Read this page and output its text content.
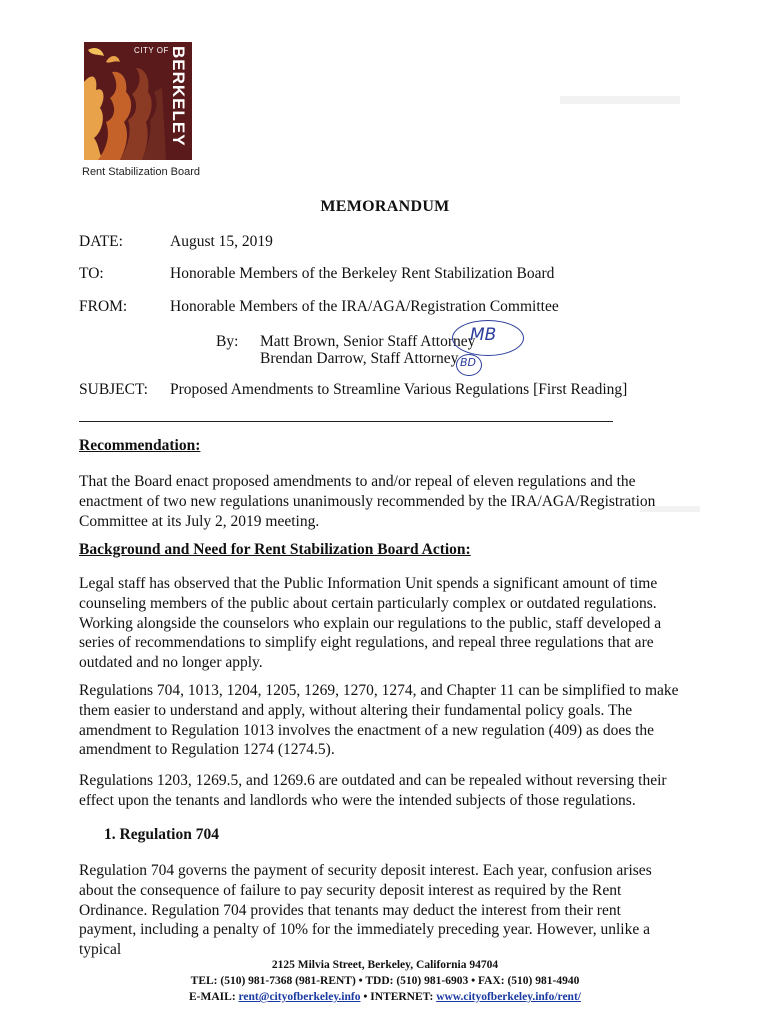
CITY OF BERKELEY
Rent Stabilization Board
MEMORANDUM
DATE:	August 15, 2019
TO:	Honorable Members of the Berkeley Rent Stabilization Board
FROM:	Honorable Members of the IRA/AGA/Registration Committee
By: Matt Brown, Senior Staff Attorney
Brendan Darrow, Staff Attorney
MB
BD
SUBJECT: Proposed Amendments to Streamline Various Regulations [First Reading]
Recommendation:
That the Board enact proposed amendments to and/or repeal of eleven regulations and the enactment of two new regulations unanimously recommended by the IRA/AGA/Registration Committee at its July 2, 2019 meeting.
Background and Need for Rent Stabilization Board Action:
Legal staff has observed that the Public Information Unit spends a significant amount of time counseling members of the public about certain particularly complex or outdated regulations. Working alongside the counselors who explain our regulations to the public, staff developed a series of recommendations to simplify eight regulations, and repeal three regulations that are outdated and no longer apply.
Regulations 704, 1013, 1204, 1205, 1269, 1270, 1274, and Chapter 11 can be simplified to make them easier to understand and apply, without altering their fundamental policy goals. The amendment to Regulation 1013 involves the enactment of a new regulation (409) as does the amendment to Regulation 1274 (1274.5).
Regulations 1203, 1269.5, and 1269.6 are outdated and can be repealed without reversing their effect upon the tenants and landlords who were the intended subjects of those regulations.
1. Regulation 704
Regulation 704 governs the payment of security deposit interest. Each year, confusion arises about the consequence of failure to pay security deposit interest as required by the Rent Ordinance. Regulation 704 provides that tenants may deduct the interest from their rent payment, including a penalty of 10% for the immediately preceding year. However, unlike a typical
2125 Milvia Street, Berkeley, California 94704
TEL: (510) 981-7368 (981-RENT) • TDD: (510) 981-6903 • FAX: (510) 981-4940
E-MAIL: rent@cityofberkeley.info • INTERNET: www.cityofberkeley.info/rent/
